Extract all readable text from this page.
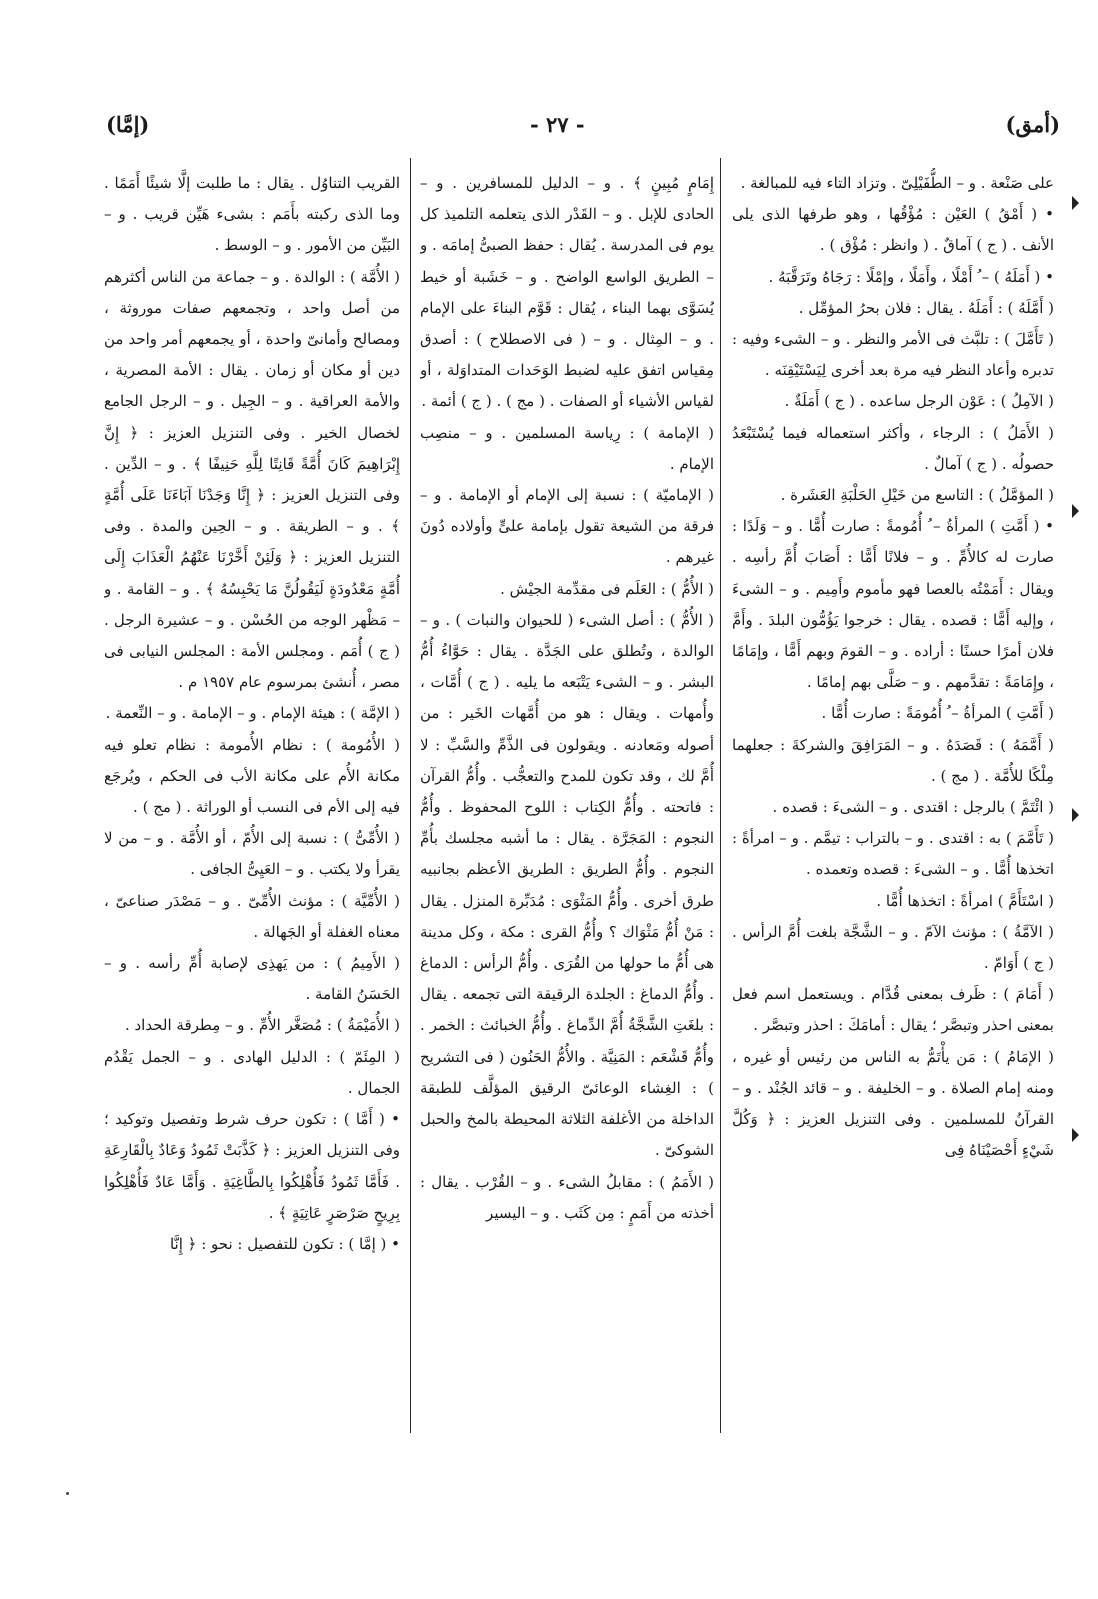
(أمق)
- ٢٧ -
(إمَّا)

على صَنْعة . و – الطُّفَيْلِىّ . وتزاد التاء فيه للمبالغة .

• ( أَمْقُ ) العَيْن : مُؤْقُها ، وهو طرفها الذى يلى الأنف . ( ج ) آماقٌ . ( وانظر : مُؤْق ) .

• ( أَمَلَهُ ) – ُ أَمْلًا ، وأَمَلًا ، وإمْلًا : رَجَاهُ وتَرَقَّبَهُ .

( أَمَّلَهُ ) : أَمَلَهُ . يقال : فلان بحرُ المؤمِّل .

( تَأَمَّلَ ) : تلبَّث فى الأمر والنظر . و – الشىء وفيه : تدبره وأعاد النظر فيه مرة بعد أخرى لِيَسْتَيْقِنَه .

( الآمِلُ ) : عَوْن الرجل ساعده . ( ج ) أَمَلَةٌ .

( الأَمَلُ ) : الرجاء ، وأكثر استعماله فيما يُسْتَبْعَدُ حصولُه . ( ج ) آمالٌ .

( المؤمَّلُ ) : التاسع من خَيْلِ الحَلْبَةِ العَشَرة .

• ( أَمَّتِ ) المرأةُ – ُ أُمُومةً : صارت أُمًّا . و – وَلَدًا : صارت له كالأُمِّ . و – فلانًا أَمًّا : أَصَابَ أُمَّ رأسِه . ويقال : أَمَمْتُه بالعصا فهو مأموم وأَمِيم . و – الشىءَ ، وإليه أَمًّا : قصده . يقال : خرجوا يَؤُمُّون البلدَ . وأَمَّ فلان أمرًا حسنًا : أراده . و – القومَ وبهم أَمًّا ، وإمَامًا ، وإِمَامَةً : تقدَّمهم . و – صَلَّى بهم إمامًا .

( أَمَّتِ ) المرأةُ – ُ أُمُومَةً : صارت أُمًّا .

( أَمَّمَهُ ) : قَصَدَهُ . و – المَرَافِقَ والشركةَ : جعلهما مِلْكًا للأُمَّة . ( مج ) .

( ائْتَمَّ ) بالرجل : اقتدى . و – الشىءَ : قصده .

( تَأَمَّمَ ) به : اقتدى . و – بالتراب : تيمَّم . و – امرأةً : اتخذها أُمًّا . و – الشىءَ : قصده وتعمده .

( اسْتَأَمَّ ) امرأةً : اتخذها أُمًّا .

( الآمَّةُ ) : مؤنث الآمّ . و – الشَّجَّة بلغت أُمَّ الرأس . ( ج ) أَوَامّ .

( أَمَامَ ) : ظَرف بمعنى قُدَّام . ويستعمل اسم فعل بمعنى احذر وتبصَّر ؛ يقال : أمامَكَ : احذر وتبصَّر .

( الإمَامُ ) : مَن يأْتَمُّ به الناس من رئيس أو غيره ، ومنه إمام الصلاة . و – الخليفة . و – قائد الجُنْد . و – القرآنُ للمسلمين . وفى التنزيل العزيز : ﴿ وَكُلَّ شَيْءٍ أَحْصَيْنَاهُ فِى

إِمَامٍ مُبِينٍ ﴾ . و – الدليل للمسافرين . و – الحادى للإبل . و – القَدْر الذى يتعلمه التلميذ كل يوم فى المدرسة . يُقال : حفظ الصبىُّ إمامَه . و – الطريق الواسع الواضح . و – خَشَبة أو خيط يُسَوَّى بهما البناء ، يُقال : قَوَّم البناءَ على الإمام . و – المِثال . و – ( فى الاصطلاح ) : أصدق مِقياس اتفق عليه لضبط الوَحَدات المتداوَلة ، أو لقياس الأشياء أو الصفات . ( مج ) . ( ج ) أئمة .

( الإمامة ) : رِياسة المسلمين . و – منصِب الإمام .

( الإماميّة ) : نسبة إلى الإمام أو الإمامة . و – فرقة من الشيعة تقول بإمامة علىٍّ وأولاده دُونَ غيرهم .

( الأُمُّ ) : العَلَم فى مقدِّمة الجيْش .

( الأُمُّ ) : أصل الشىء ( للحيوان والنبات ) . و – الوالدة ، وتُطلق على الجَدَّة . يقال : حَوَّاءُ أُمُّ البشر . و – الشىء يَتْبَعه ما يليه . ( ج ) أُمَّات ، وأُمهات . ويقال : هو من أُمَّهات الخَير : من أصوله ومَعادنه . ويقولون فى الذَّمِّ والسَّبِّ : لا أُمَّ لك ، وقد تكون للمدح والتعجُّب . وأُمُّ القرآن : فاتحته . وأُمُّ الكِتاب : اللوح المحفوظ . وأُمُّ النجوم : المَجَرَّة . يقال : ما أشبه مجلسك بأُمِّ النجوم . وأُمُّ الطريق : الطريق الأعظم بجانبيه طرق أخرى . وأُمُّ المَثْوَى : مُدَبِّرة المنزل . يقال : مَنْ أُمُّ مَثْوَاك ؟ وأُمُّ القرى : مكة ، وكل مدينة هى أُمُّ ما حولها من القُرَى . وأُمُّ الرأس : الدماغ . وأُمُّ الدماغ : الجلدة الرقيقة التى تجمعه . يقال : بلغَتِ الشَّجَّةُ أُمَّ الدِّماغ . وأُمُّ الخبائث : الخمر . وأُمُّ قَشْعَم : المَنِيَّة . والأُمُّ الحَنُون ( فى التشريح ) : الغِشاء الوعائىّ الرقيق المؤلَّف للطبقة الداخلة من الأغلفة الثلاثة المحيطة بالمخ والحبل الشوكىّ .

( الأَمَمُ ) : مقابلُ الشىء . و – القُرْب . يقال : أخذته من أَمَمٍ : مِن كَثَب . و – اليسير

القريب التناوُل . يقال : ما طلبت إلَّا شيئًا أَمَمًا . وما الذى ركبته بأَمَم : بشىء هَيِّن قريب . و – البَيِّن من الأمور . و – الوسط .

( الأُمَّة ) : الوالدة . و – جماعة من الناس أكثرهم من أصل واحد ، وتجمعهم صفات موروثة ، ومصالح وأمانىّ واحدة ، أو يجمعهم أمر واحد من دين أو مكان أو زمان . يقال : الأمة المصرية ، والأمة العراقية . و – الجِيل . و – الرجل الجامع لخصال الخير . وفى التنزيل العزيز : ﴿ إِنَّ إِبْرَاهِيمَ كَانَ أُمَّةً قَانِتًا لِلَّهِ حَنِيفًا ﴾ . و – الدِّين . وفى التنزيل العزيز : ﴿ إِنَّا وَجَدْنَا آبَاءَنَا عَلَى أُمَّةٍ ﴾ . و – الطريقة . و – الحِين والمدة . وفى التنزيل العزيز : ﴿ وَلَئِنْ أَخَّرْنَا عَنْهُمُ الْعَذَابَ إِلَى أُمَّةٍ مَعْدُودَةٍ لَيَقُولُنَّ مَا يَحْبِسُهُ ﴾ . و – القامة . و – مَظْهر الوجه من الحُسْن . و – عشيرة الرجل . ( ج ) أُمَم . ومجلس الأمة : المجلس النيابى فى مصر ، أُنشئ بمرسوم عام ١٩٥٧ م .

( الإمَّة ) : هيئة الإمام . و – الإمامة . و – النِّعمة .

( الأُمُومة ) : نظام الأُمومة : نظام تعلو فيه مكانة الأُم على مكانة الأب فى الحكم ، ويُرجَع فيه إلى الأم فى النسب أو الوراثة . ( مج ) .

( الأُمِّىُّ ) : نسبة إلى الأُمّ ، أو الأُمَّة . و – من لا يقرأ ولا يكتب . و – العَيِىُّ الجافى .

( الأُمِّيَّة ) : مؤنث الأُمِّىّ . و – مَصْدَر صناعىّ ، معناه الغفلة أو الجَهالة .

( الأَمِيمُ ) : من يَهذِى لإصابة أُمِّ رأسه . و – الحَسَنُ القامة .

( الأُمَيْمَةُ ) : مُصَغَّر الأُمِّ . و – مِطرقة الحداد .

( المِئَمّ ) : الدليل الهادى . و – الجمل يَقْدُم الجمال .

• ( أَمَّا ) : تكون حرف شرط وتفصيل وتوكيد ؛ وفى التنزيل العزيز : ﴿ كَذَّبَتْ ثَمُودُ وَعَادٌ بِالْقَارِعَةِ . فَأَمَّا ثَمُودُ فَأُهْلِكُوا بِالطَّاغِيَةِ . وَأَمَّا عَادٌ فَأُهْلِكُوا بِرِيحٍ صَرْصَرٍ عَاتِيَةٍ ﴾ .

• ( إمَّا ) : تكون للتفصيل : نحو : ﴿ إِنَّا
